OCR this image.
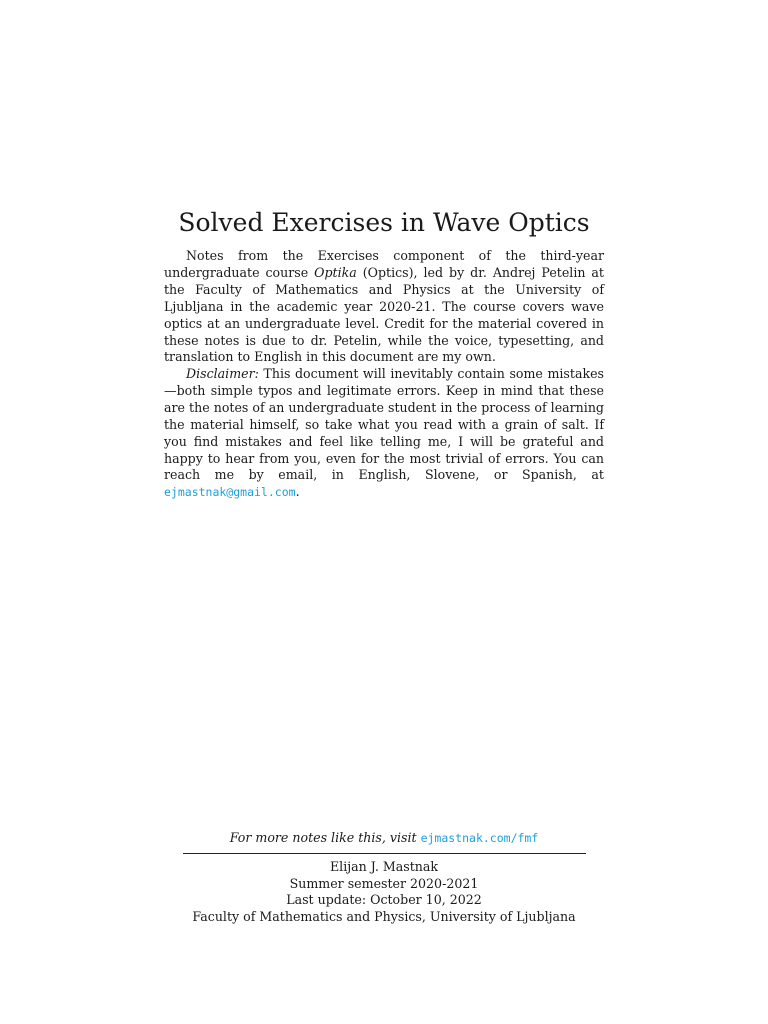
Solved Exercises in Wave Optics

Notes from the Exercises component of the third-year undergraduate course Optika (Optics), led by dr. Andrej Petelin at the Faculty of Mathematics and Physics at the University of Ljubljana in the academic year 2020-21. The course covers wave optics at an undergraduate level. Credit for the material covered in these notes is due to dr. Petelin, while the voice, typesetting, and translation to English in this document are my own.

Disclaimer: This document will inevitably contain some mistakes—both simple typos and legitimate errors. Keep in mind that these are the notes of an undergraduate student in the process of learning the material himself, so take what you read with a grain of salt. If you find mistakes and feel like telling me, I will be grateful and happy to hear from you, even for the most trivial of errors. You can reach me by email, in English, Slovene, or Spanish, at ejmastnak@gmail.com.

For more notes like this, visit ejmastnak.com/fmf
Elijan J. Mastnak
Summer semester 2020-2021
Last update: October 10, 2022
Faculty of Mathematics and Physics, University of Ljubljana
